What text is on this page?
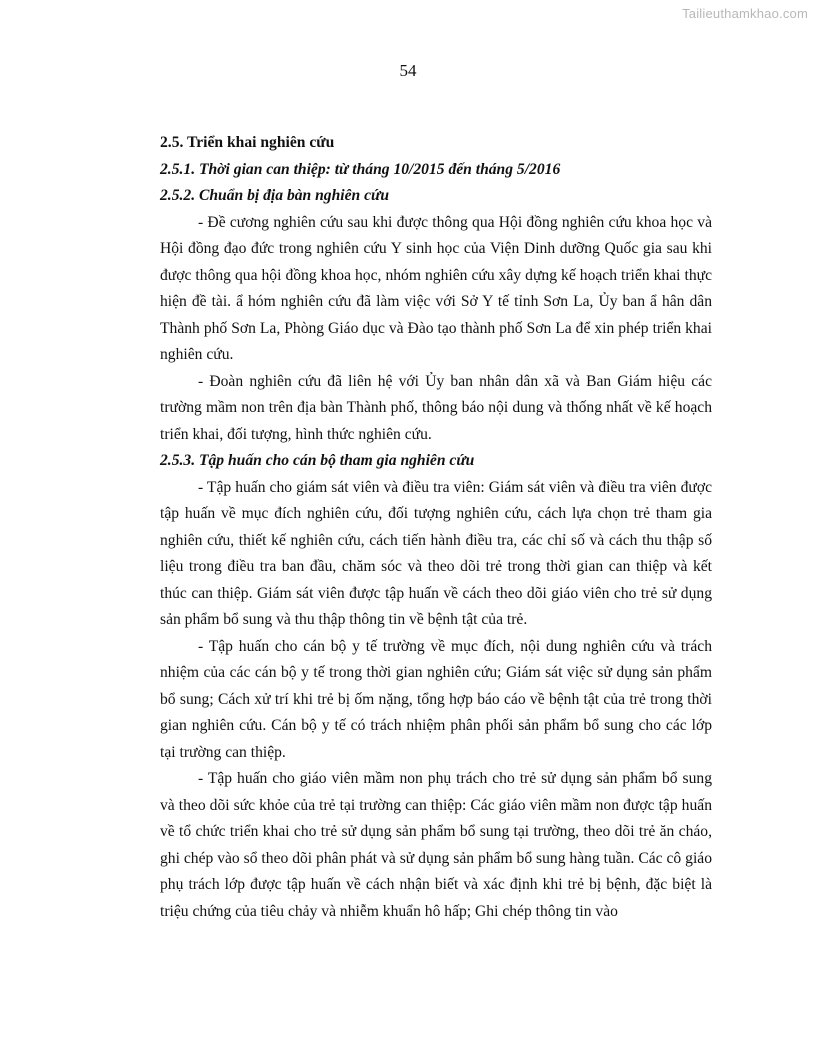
Tailieuthamkhao.com
54

2.5. Triển khai nghiên cứu

2.5.1. Thời gian can thiệp: từ tháng 10/2015 đến tháng 5/2016

2.5.2. Chuẩn bị địa bàn nghiên cứu

- Đề cương nghiên cứu sau khi được thông qua Hội đồng nghiên cứu khoa học và Hội đồng đạo đức trong nghiên cứu Y sinh học của Viện Dinh dưỡng Quốc gia sau khi được thông qua hội đồng khoa học, nhóm nghiên cứu xây dựng kế hoạch triển khai thực hiện đề tài. ẩ hóm nghiên cứu đã làm việc với Sở Y tế tỉnh Sơn La, Ủy ban ẩ hân dân Thành phố Sơn La, Phòng Giáo dục và Đào tạo thành phố Sơn La để xin phép triển khai nghiên cứu.

- Đoàn nghiên cứu đã liên hệ với Ủy ban nhân dân xã và Ban Giám hiệu các trường mầm non trên địa bàn Thành phố, thông báo nội dung và thống nhất về kế hoạch triển khai, đối tượng, hình thức nghiên cứu.

2.5.3. Tập huấn cho cán bộ tham gia nghiên cứu

- Tập huấn cho giám sát viên và điều tra viên: Giám sát viên và điều tra viên được tập huấn về mục đích nghiên cứu, đối tượng nghiên cứu, cách lựa chọn trẻ tham gia nghiên cứu, thiết kế nghiên cứu, cách tiến hành điều tra, các chỉ số và cách thu thập số liệu trong điều tra ban đầu, chăm sóc và theo dõi trẻ trong thời gian can thiệp và kết thúc can thiệp. Giám sát viên được tập huấn về cách theo dõi giáo viên cho trẻ sử dụng sản phẩm bổ sung và thu thập thông tin về bệnh tật của trẻ.

- Tập huấn cho cán bộ y tế trường về mục đích, nội dung nghiên cứu và trách nhiệm của các cán bộ y tế trong thời gian nghiên cứu; Giám sát việc sử dụng sản phẩm bổ sung; Cách xử trí khi trẻ bị ốm nặng, tổng hợp báo cáo về bệnh tật của trẻ trong thời gian nghiên cứu. Cán bộ y tế có trách nhiệm phân phối sản phẩm bổ sung cho các lớp tại trường can thiệp.

- Tập huấn cho giáo viên mầm non phụ trách cho trẻ sử dụng sản phẩm bổ sung và theo dõi sức khỏe của trẻ tại trường can thiệp: Các giáo viên mầm non được tập huấn về tổ chức triển khai cho trẻ sử dụng sản phẩm bổ sung tại trường, theo dõi trẻ ăn cháo, ghi chép vào sổ theo dõi phân phát và sử dụng sản phẩm bổ sung hàng tuần. Các cô giáo phụ trách lớp được tập huấn về cách nhận biết và xác định khi trẻ bị bệnh, đặc biệt là triệu chứng của tiêu chảy và nhiễm khuẩn hô hấp; Ghi chép thông tin vào
